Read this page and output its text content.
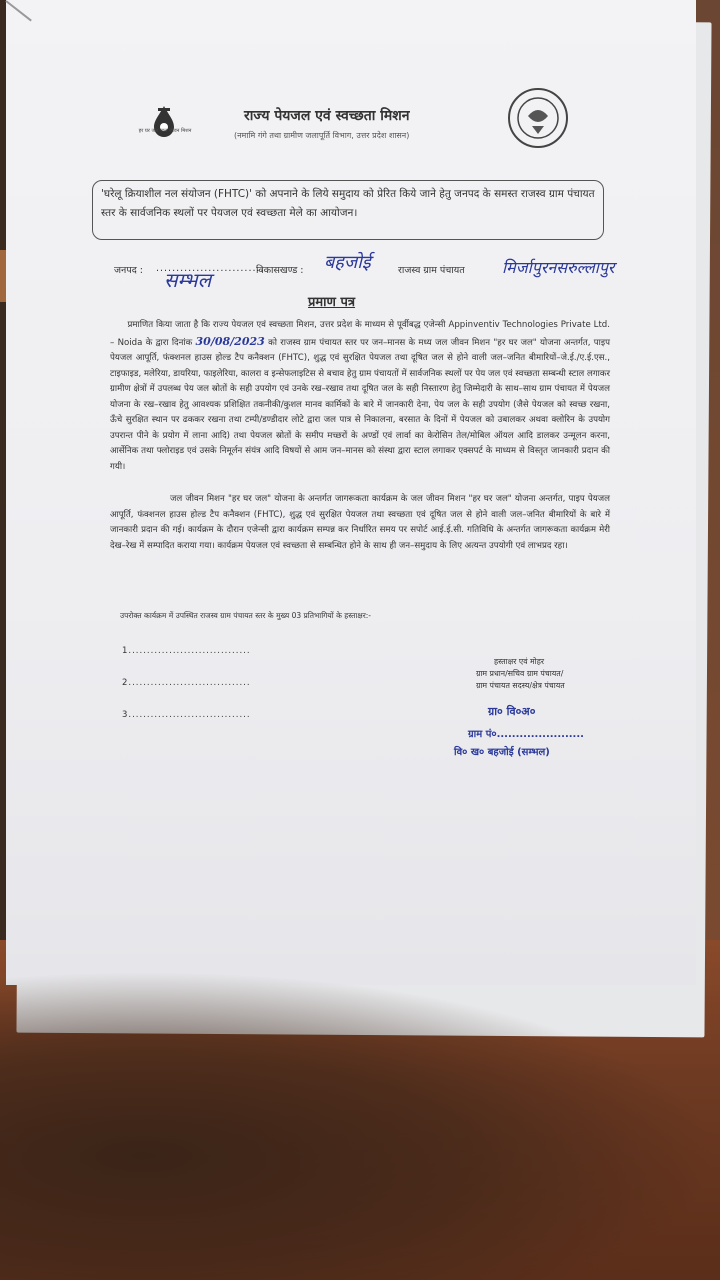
हर घर जल जल जीवन मिशन
राज्य पेयजल एवं स्वच्छता मिशन
(नमामि गंगे तथा ग्रामीण जलापूर्ति विभाग, उत्तर प्रदेश शासन)
'घरेलू क्रियाशील नल संयोजन (FHTC)' को अपनाने के लिये समुदाय को प्रेरित किये जाने हेतु जनपद के समस्त राजस्व ग्राम पंचायत स्तर के सार्वजनिक स्थलों पर पेयजल एवं स्वच्छता मेले का आयोजन।
जनपद : ...........................
सम्भल	विकासखण्ड : बहजोई	राजस्व ग्राम पंचायत मिर्जापुरनसरुल्लापुर
प्रमाण पत्र
प्रमाणित किया जाता है कि राज्य पेयजल एवं स्वच्छता मिशन, उत्तर प्रदेश के माध्यम से पूर्वीबद्ध एजेन्सी Appinventiv Technologies Private Ltd. – Noida के द्वारा दिनांक 30/08/2023 को राजस्व ग्राम पंचायत स्तर पर जन–मानस के मध्य जल जीवन मिशन "हर घर जल" योजना अन्तर्गत, पाइप पेयजल आपूर्ति, फंक्शनल हाउस होल्ड टैप कनैक्शन (FHTC), शुद्ध एवं सुरक्षित पेयजल तथा दूषित जल से होने वाली जल–जनित बीमारियों–जे.ई./ए.ई.एस., टाइफाइड, मलेरिया, डायरिया, फाइलेरिया, कालरा व इन्सेफलाइटिस से बचाव हेतु ग्राम पंचायतों में सार्वजनिक स्थलों पर पेय जल एवं स्वच्छता सम्बन्धी स्टाल लगाकर ग्रामीण क्षेत्रों में उपलब्ध पेय जल स्रोतों के सही उपयोग एवं उनके रख–रखाव तथा दूषित जल के सही निस्तारण हेतु जिम्मेदारी के साथ–साथ ग्राम पंचायत में पेयजल योजना के रख–रखाव हेतु आवश्यक प्रशिक्षित तकनीकी/कुशल मानव कार्मिकों के बारे में जानकारी देना, पेय जल के सही उपयोग (जैसे पेयजल को स्वच्छ रखना, ऊँचे सुरक्षित स्थान पर ढककर रखना तथा टम्पी/डण्डीदार लोटे द्वारा जल पात्र से निकालना, बरसात के दिनों में पेयजल को उबालकर अथवा क्लोरिन के उपयोग उपरान्त पीने के प्रयोग में लाना आदि) तथा पेयजल स्रोतों के समीप मच्छरों के अण्डों एवं लार्वा का केरोसिन तेल/मोबिल ऑयल आदि डालकर उन्मूलन करना, आर्सेनिक तथा फ्लोराइड एवं उसके निमूर्लन संयंत्र आदि विषयों से आम जन–मानस को संस्था द्वारा स्टाल लगाकर एक्सपर्ट के माध्यम से विस्तृत जानकारी प्रदान की गयी।
जल जीवन मिशन "हर घर जल" योजना के अन्तर्गत जागरूकता कार्यक्रम के जल जीवन मिशन "हर घर जल" योजना अन्तर्गत, पाइप पेयजल आपूर्ति, फंक्शनल हाउस होल्ड टैप कनैक्शन (FHTC), शुद्ध एवं सुरक्षित पेयजल तथा स्वच्छता एवं दूषित जल से होने वाली जल–जनित बीमारियों के बारे में जानकारी प्रदान की गई। कार्यक्रम के दौरान एजेन्सी द्वारा कार्यक्रम सम्पन्न कर निर्धारित समय पर सपोर्ट आई.ई.सी. गतिविधि के अन्तर्गत जागरूकता कार्यक्रम मेरी देख–रेख में सम्पादित कराया गया। कार्यक्रम पेयजल एवं स्वच्छता से सम्बन्धित होने के साथ ही जन–समुदाय के लिए अत्यन्त उपयोगी एवं लाभप्रद रहा।
उपरोक्त कार्यक्रम में उपस्थित राजस्व ग्राम पंचायत स्तर के मुख्य 03 प्रतिभागियों के हस्ताक्षर:-
1.................................
2.................................
3.................................
हस्ताक्षर एवं मोहर
ग्राम प्रधान/सचिव ग्राम पंचायत/
ग्राम पंचायत सदस्य/क्षेत्र पंचायत
ग्रा० वि०अ०
ग्राम पं०.......................
वि० ख० बहजोई (सम्भल)
